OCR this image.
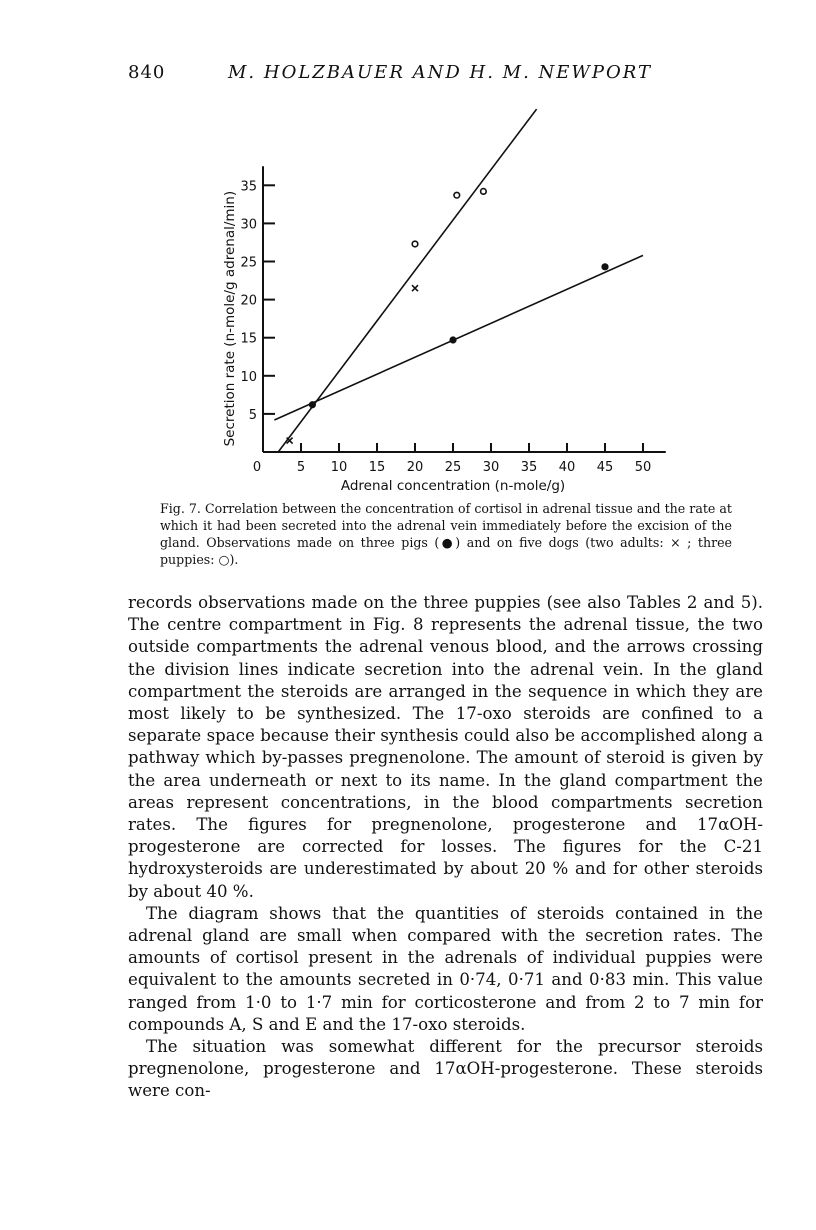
840	M. HOLZBAUER AND H. M. NEWPORT
0	5 10 15 20 25 30 35 40 45 50
5
10
15
20
25
30
35
Adrenal concentration (n-mole/g)
Secretion rate (n-mole/g adrenal/min)
Fig. 7. Correlation between the concentration of cortisol in adrenal tissue and the rate at which it had been secreted into the adrenal vein immediately before the excision of the gland. Observations made on three pigs (●) and on five dogs (two adults: × ; three puppies: ○).

records observations made on the three puppies (see also Tables 2 and 5). The centre compartment in Fig. 8 represents the adrenal tissue, the two outside compartments the adrenal venous blood, and the arrows crossing the division lines indicate secretion into the adrenal vein. In the gland compartment the steroids are arranged in the sequence in which they are most likely to be synthesized. The 17-oxo steroids are confined to a separate space because their synthesis could also be accomplished along a pathway which by-passes pregnenolone. The amount of steroid is given by the area underneath or next to its name. In the gland compartment the areas represent concentrations, in the blood compartments secretion rates. The figures for pregnenolone, progesterone and 17αOH-progesterone are corrected for losses. The figures for the C-21 hydroxysteroids are underestimated by about 20 % and for other steroids by about 40 %.

The diagram shows that the quantities of steroids contained in the adrenal gland are small when compared with the secretion rates. The amounts of cortisol present in the adrenals of individual puppies were equivalent to the amounts secreted in 0·74, 0·71 and 0·83 min. This value ranged from 1·0 to 1·7 min for corticosterone and from 2 to 7 min for compounds A, S and E and the 17-oxo steroids.

The situation was somewhat different for the precursor steroids pregnenolone, progesterone and 17αOH-progesterone. These steroids were con-
